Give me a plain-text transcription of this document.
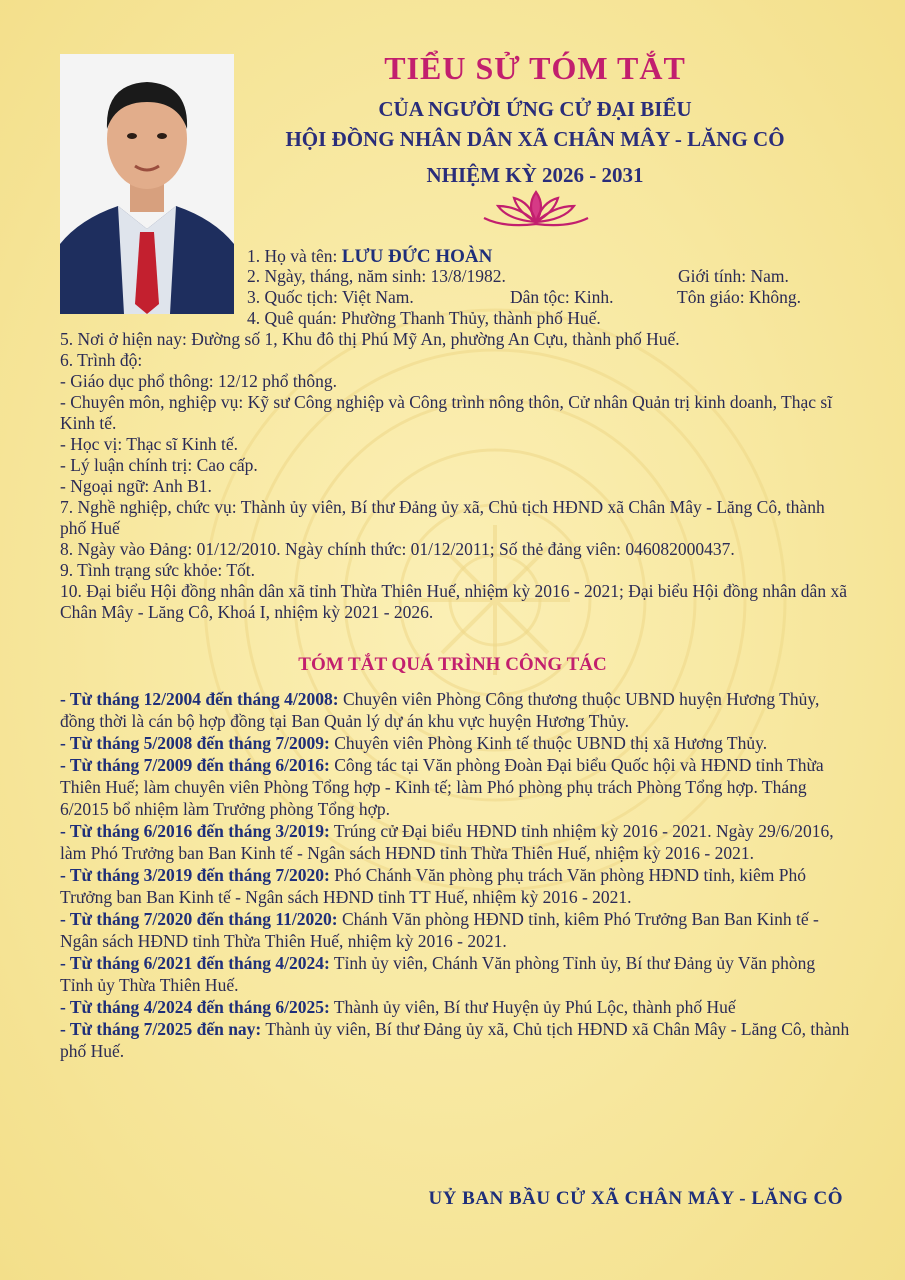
TIỂU SỬ TÓM TẮT

CỦA NGƯỜI ỨNG CỬ ĐẠI BIỂU

HỘI ĐỒNG NHÂN DÂN XÃ CHÂN MÂY - LĂNG CÔ

NHIỆM KỲ 2026 - 2031

1. Họ và tên: LƯU ĐỨC HOÀN
2. Ngày, tháng, năm sinh: 13/8/1982.	Giới tính: Nam.
3. Quốc tịch: Việt Nam.	Dân tộc: Kinh.	Tôn giáo: Không.
4. Quê quán: Phường Thanh Thủy, thành phố Huế.
5. Nơi ở hiện nay: Đường số 1, Khu đô thị Phú Mỹ An, phường An Cựu, thành phố Huế.
6. Trình độ:
- Giáo dục phổ thông: 12/12 phổ thông.
- Chuyên môn, nghiệp vụ: Kỹ sư Công nghiệp và Công trình nông thôn, Cử nhân Quản trị kinh doanh, Thạc sĩ Kinh tế.
- Học vị: Thạc sĩ Kinh tế.
- Lý luận chính trị: Cao cấp.
- Ngoại ngữ: Anh B1.
7. Nghề nghiệp, chức vụ: Thành ủy viên, Bí thư Đảng ủy xã, Chủ tịch HĐND xã Chân Mây - Lăng Cô, thành phố Huế
8. Ngày vào Đảng: 01/12/2010. Ngày chính thức: 01/12/2011; Số thẻ đảng viên: 046082000437.
9. Tình trạng sức khỏe: Tốt.
10. Đại biểu Hội đồng nhân dân xã tỉnh Thừa Thiên Huế, nhiệm kỳ 2016 - 2021; Đại biểu Hội đồng nhân dân xã Chân Mây - Lăng Cô, Khoá I, nhiệm kỳ 2021 - 2026.
TÓM TẮT QUÁ TRÌNH CÔNG TÁC

- Từ tháng 12/2004 đến tháng 4/2008: Chuyên viên Phòng Công thương thuộc UBND huyện Hương Thủy, đồng thời là cán bộ hợp đồng tại Ban Quản lý dự án khu vực huyện Hương Thủy.

- Từ tháng 5/2008 đến tháng 7/2009: Chuyên viên Phòng Kinh tế thuộc UBND thị xã Hương Thủy.

- Từ tháng 7/2009 đến tháng 6/2016: Công tác tại Văn phòng Đoàn Đại biểu Quốc hội và HĐND tỉnh Thừa Thiên Huế; làm chuyên viên Phòng Tổng hợp - Kinh tế; làm Phó phòng phụ trách Phòng Tổng hợp. Tháng 6/2015 bổ nhiệm làm Trưởng phòng Tổng hợp.

- Từ tháng 6/2016 đến tháng 3/2019: Trúng cử Đại biểu HĐND tỉnh nhiệm kỳ 2016 - 2021. Ngày 29/6/2016, làm Phó Trưởng ban Ban Kinh tế - Ngân sách HĐND tỉnh Thừa Thiên Huế, nhiệm kỳ 2016 - 2021.

- Từ tháng 3/2019 đến tháng 7/2020: Phó Chánh Văn phòng phụ trách Văn phòng HĐND tỉnh, kiêm Phó Trưởng ban Ban Kinh tế - Ngân sách HĐND tỉnh TT Huế, nhiệm kỳ 2016 - 2021.

- Từ tháng 7/2020 đến tháng 11/2020: Chánh Văn phòng HĐND tỉnh, kiêm Phó Trưởng Ban Ban Kinh tế - Ngân sách HĐND tỉnh Thừa Thiên Huế, nhiệm kỳ 2016 - 2021.

- Từ tháng 6/2021 đến tháng 4/2024: Tỉnh ủy viên, Chánh Văn phòng Tỉnh ủy, Bí thư Đảng ủy Văn phòng Tỉnh ủy Thừa Thiên Huế.

- Từ tháng 4/2024 đến tháng 6/2025: Thành ủy viên, Bí thư Huyện ủy Phú Lộc, thành phố Huế

- Từ tháng 7/2025 đến nay: Thành ủy viên, Bí thư Đảng ủy xã, Chủ tịch HĐND xã Chân Mây - Lăng Cô, thành phố Huế.

UỶ BAN BẦU CỬ XÃ CHÂN MÂY - LĂNG CÔ
